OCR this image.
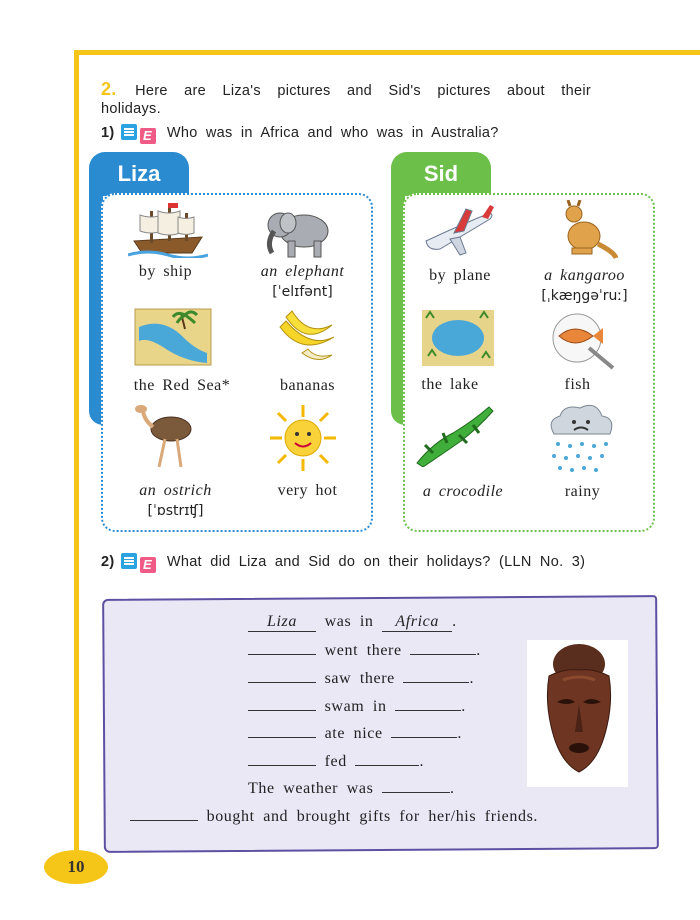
2. Here are Liza's pictures and Sid's pictures about their holidays.
1) E Who was in Africa and who was in Australia?
Liza	Sid
by ship	an elephant
[ˈelɪfənt]
the Red Sea*	bananas
an ostrich
[ˈɒstrɪʧ]
very hot
by plane	a kangaroo
[ˌkæŋgəˈruː]
the lake	fish
a crocodile	rainy
2) E What did Liza and Sid do on their holidays? (LLN No. 3)
Liza was in Africa .
went there	.
saw there	.
swam in	.
ate nice	.
fed	.
The weather was	.
bought and brought gifts for her/his friends.
10
